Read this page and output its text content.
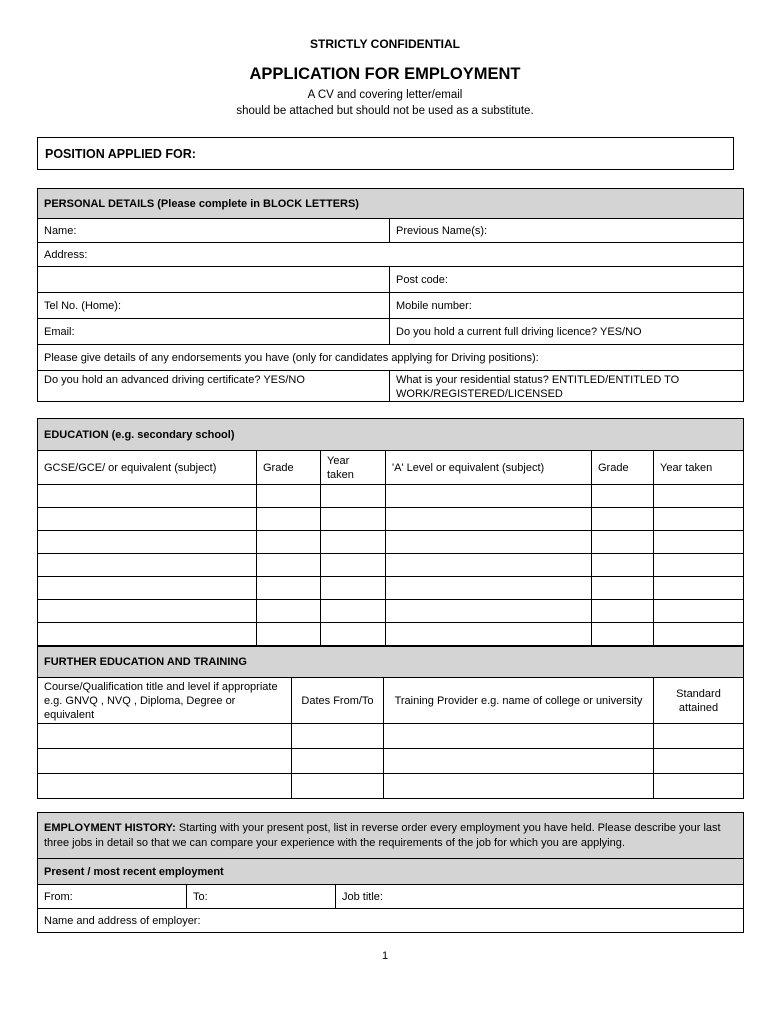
STRICTLY CONFIDENTIAL
APPLICATION FOR EMPLOYMENT
A CV and covering letter/email
should be attached but should not be used as a substitute.
POSITION APPLIED FOR:
PERSONAL DETAILS (Please complete in BLOCK LETTERS)	
Name:	Previous Name(s):
Address:	
	Post code:
Tel No. (Home):	Mobile number:
Email:	Do you hold a current full driving licence? YES/NO
Please give details of any endorsements you have (only for candidates applying for Driving positions):	
Do you hold an advanced driving certificate? YES/NO	What is your residential status? ENTITLED/ENTITLED TO WORK/REGISTERED/LICENSED
EDUCATION (e.g. secondary school)					
GCSE/GCE/ or equivalent (subject)	Grade	Year taken	'A' Level or equivalent (subject)	Grade	Year taken

FURTHER EDUCATION AND TRAINING			
Course/Qualification title and level if appropriate e.g. GNVQ , NVQ , Diploma, Degree or equivalent	Dates From/To	Training Provider e.g. name of college or university	Standard attained

EMPLOYMENT HISTORY: Starting with your present post, list in reverse order every employment you have held. Please describe your last three jobs in detail so that we can compare your experience with the requirements of the job for which you are applying.
Present / most recent employment
From:	To:	Job title:
Name and address of employer:
1
